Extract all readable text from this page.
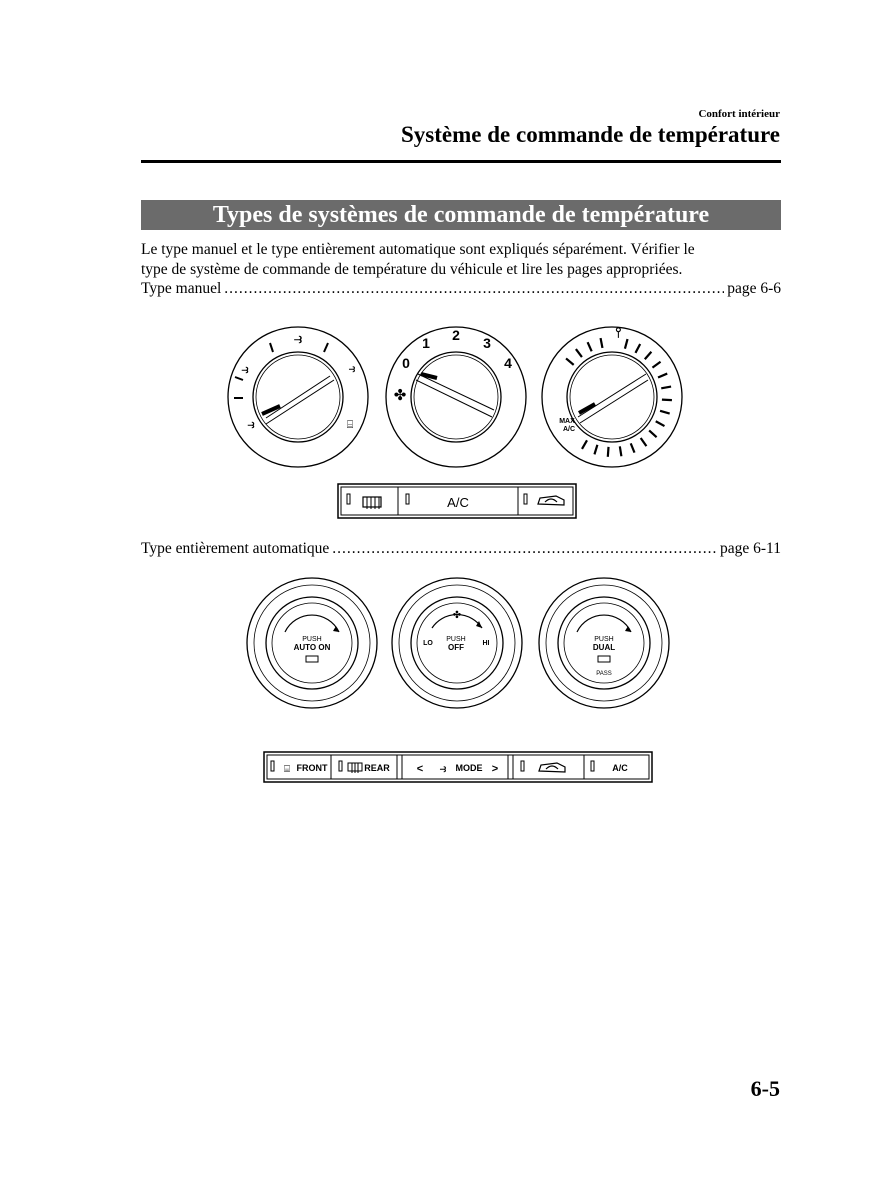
Confort intérieur
Système de commande de température
Types de systèmes de commande de température
Le type manuel et le type entièrement automatique sont expliqués séparément. Vérifier le
type de système de commande de température du véhicule et lire les pages appropriées.
Type manuel .....	page 6-6
Type entièrement automatique .....	page 6-11
⥽
⥽
⥽
⥽
⌸
0
1 2 3
4
✤
⫯
MAX
A/C
A/C
PUSH
AUTO ON
✤
LO	HI
PUSH
OFF
PUSH
DUAL
PASS
⌸ FRONT	REAR < ⥽ MODE >	A/C
6-5
